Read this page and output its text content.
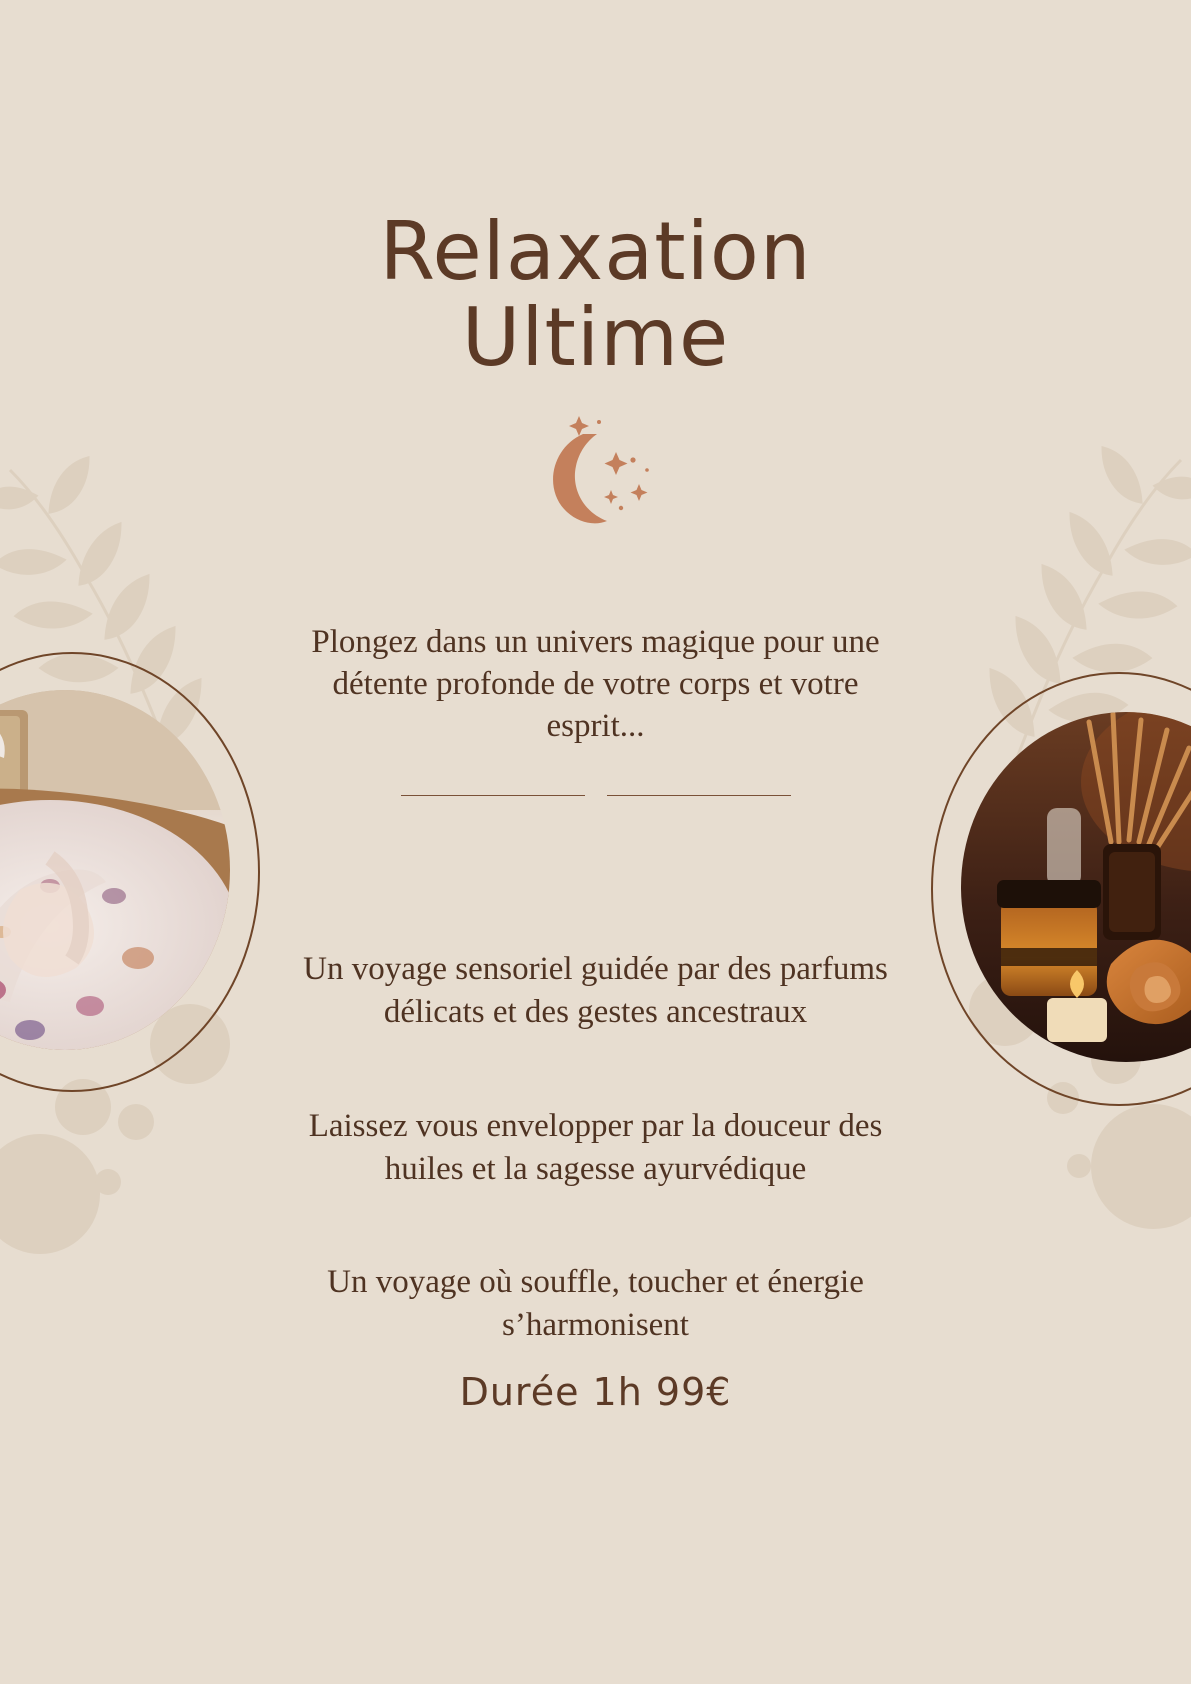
Relaxation
Ultime

Plongez dans un univers magique pour une détente profonde de votre corps et votre esprit...

Un voyage sensoriel guidée par des parfums délicats et des gestes ancestraux

Laissez vous envelopper par la douceur des huiles et la sagesse ayurvédique

Un voyage où souffle, toucher et énergie s’harmonisent

Durée 1h 99€
